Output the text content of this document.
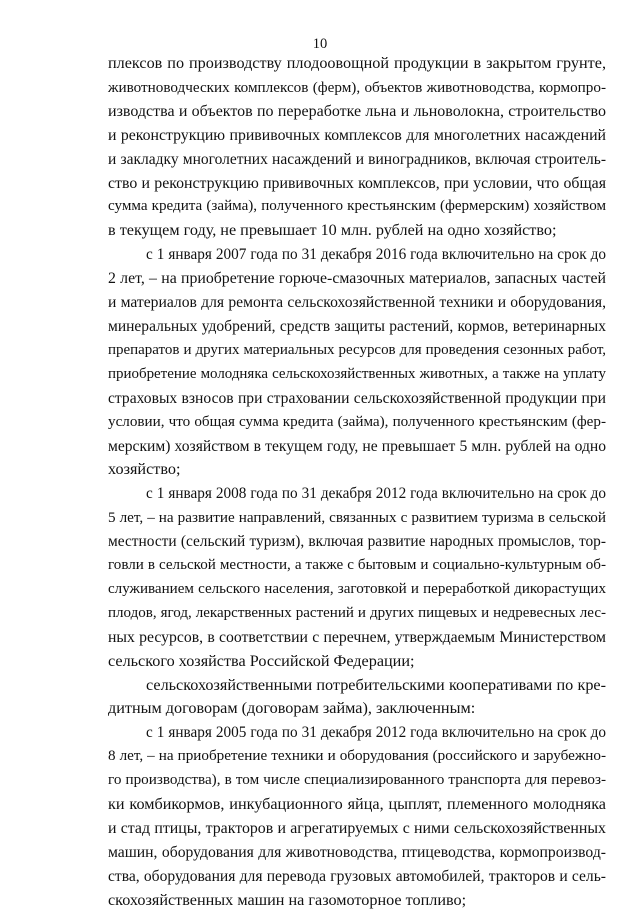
10
плексов по производству плодоовощной продукции в закрытом грунте,
животноводческих комплексов (ферм), объектов животноводства, кормопро-
изводства и объектов по переработке льна и льноволокна, строительство
и реконструкцию прививочных комплексов для многолетних насаждений
и закладку многолетних насаждений и виноградников, включая строитель-
ство и реконструкцию прививочных комплексов, при условии, что общая
сумма кредита (займа), полученного крестьянским (фермерским) хозяйством
в текущем году, не превышает 10 млн. рублей на одно хозяйство;
с 1 января 2007 года по 31 декабря 2016 года включительно на срок до
2 лет, – на приобретение горюче-смазочных материалов, запасных частей
и материалов для ремонта сельскохозяйственной техники и оборудования,
минеральных удобрений, средств защиты растений, кормов, ветеринарных
препаратов и других материальных ресурсов для проведения сезонных работ,
приобретение молодняка сельскохозяйственных животных, а также на уплату
страховых взносов при страховании сельскохозяйственной продукции при
условии, что общая сумма кредита (займа), полученного крестьянским (фер-
мерским) хозяйством в текущем году, не превышает 5 млн. рублей на одно
хозяйство;
с 1 января 2008 года по 31 декабря 2012 года включительно на срок до
5 лет, – на развитие направлений, связанных с развитием туризма в сельской
местности (сельский туризм), включая развитие народных промыслов, тор-
говли в сельской местности, а также с бытовым и социально-культурным об-
служиванием сельского населения, заготовкой и переработкой дикорастущих
плодов, ягод, лекарственных растений и других пищевых и недревесных лес-
ных ресурсов, в соответствии с перечнем, утверждаемым Министерством
сельского хозяйства Российской Федерации;
сельскохозяйственными потребительскими кооперативами по кре-
дитным договорам (договорам займа), заключенным:
с 1 января 2005 года по 31 декабря 2012 года включительно на срок до
8 лет, – на приобретение техники и оборудования (российского и зарубежно-
го производства), в том числе специализированного транспорта для перевоз-
ки комбикормов, инкубационного яйца, цыплят, племенного молодняка
и стад птицы, тракторов и агрегатируемых с ними сельскохозяйственных
машин, оборудования для животноводства, птицеводства, кормопроизвод-
ства, оборудования для перевода грузовых автомобилей, тракторов и сель-
скохозяйственных машин на газомоторное топливо;
